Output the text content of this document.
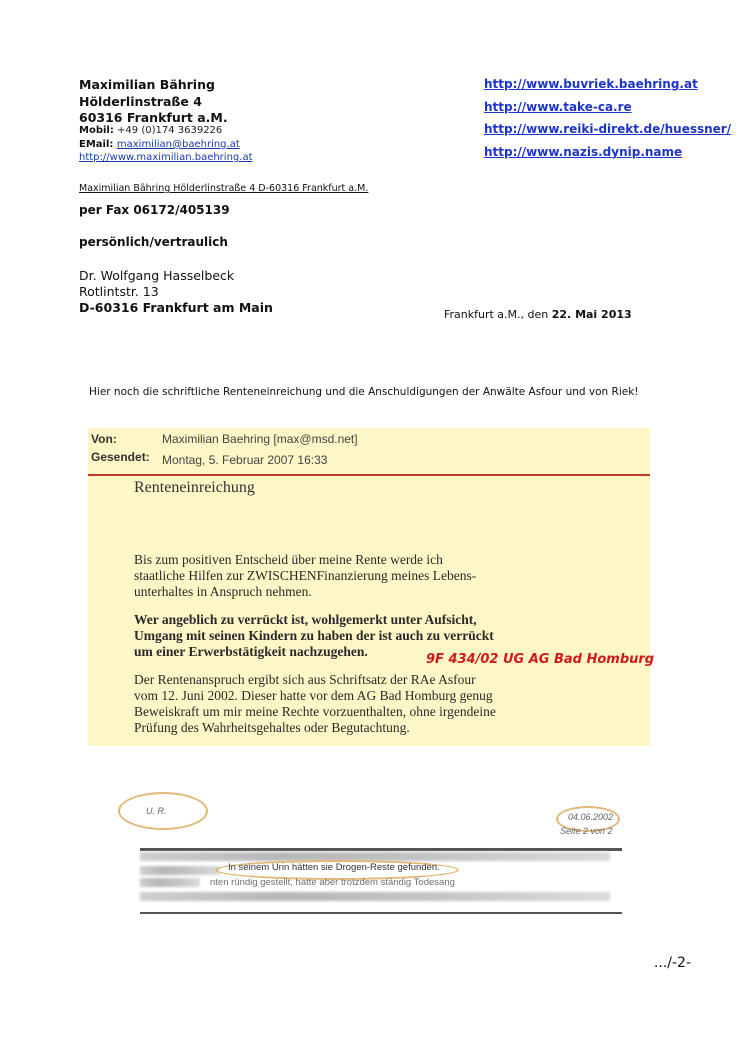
Maximilian Bähring
Hölderlinstraße 4
60316 Frankfurt a.M.
Mobil: +49 (0)174 3639226
EMail: maximilian@baehring.at
http://www.maximilian.baehring.at
http://www.buvriek.baehring.at
http://www.take-ca.re
http://www.reiki-direkt.de/huessner/
http://www.nazis.dynip.name
Maximilian Bähring Hölderlinstraße 4 D-60316 Frankfurt a.M.
per Fax 06172/405139
persönlich/vertraulich
Dr. Wolfgang Hasselbeck
Rotlintstr. 13
D-60316 Frankfurt am Main	Frankfurt a.M., den 22. Mai 2013
Hier noch die schriftliche Renteneinreichung und die Anschuldigungen der Anwälte Asfour und von Riek!
Von:	Maximilian Baehring [max@msd.net]
Gesendet: Montag, 5. Februar 2007 16:33
Renteneinreichung
Bis zum positiven Entscheid über meine Rente werde ich
staatliche Hilfen zur ZWISCHENFinanzierung meines Lebens-
unterhaltes in Anspruch nehmen.
Wer angeblich zu verrückt ist, wohlgemerkt unter Aufsicht,
Umgang mit seinen Kindern zu haben der ist auch zu verrückt
um einer Erwerbstätigkeit nachzugehen.
9F 434/02 UG AG Bad Homburg
Der Rentenanspruch ergibt sich aus Schriftsatz der RAe Asfour
vom 12. Juni 2002. Dieser hatte vor dem AG Bad Homburg genug
Beweiskraft um mir meine Rechte vorzuenthalten, ohne irgendeine
Prüfung des Wahrheitsgehaltes oder Begutachtung.
U. R.
04.06.2002
Seite 2 von 2
In seinem Urin hätten sie Drogen-Reste gefunden.
nten ründig gestellt, hatte aber trotzdem ständig Todesang
.../-2-
